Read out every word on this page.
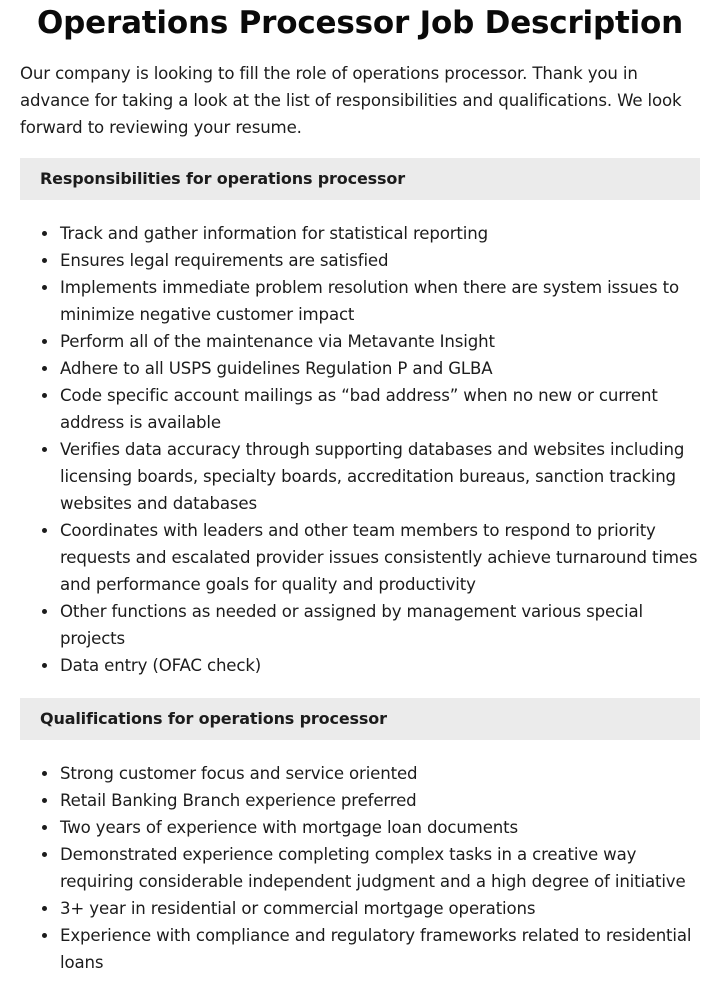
Operations Processor Job Description

Our company is looking to fill the role of operations processor. Thank you in advance for taking a look at the list of responsibilities and qualifications. We look forward to reviewing your resume.

Responsibilities for operations processor
Track and gather information for statistical reporting
Ensures legal requirements are satisfied
Implements immediate problem resolution when there are system issues to minimize negative customer impact
Perform all of the maintenance via Metavante Insight
Adhere to all USPS guidelines Regulation P and GLBA
Code specific account mailings as “bad address” when no new or current address is available
Verifies data accuracy through supporting databases and websites including licensing boards, specialty boards, accreditation bureaus, sanction tracking websites and databases
Coordinates with leaders and other team members to respond to priority requests and escalated provider issues consistently achieve turnaround times and performance goals for quality and productivity
Other functions as needed or assigned by management various special projects
Data entry (OFAC check)
Qualifications for operations processor
Strong customer focus and service oriented
Retail Banking Branch experience preferred
Two years of experience with mortgage loan documents
Demonstrated experience completing complex tasks in a creative way requiring considerable independent judgment and a high degree of initiative
3+ year in residential or commercial mortgage operations
Experience with compliance and regulatory frameworks related to residential loans
